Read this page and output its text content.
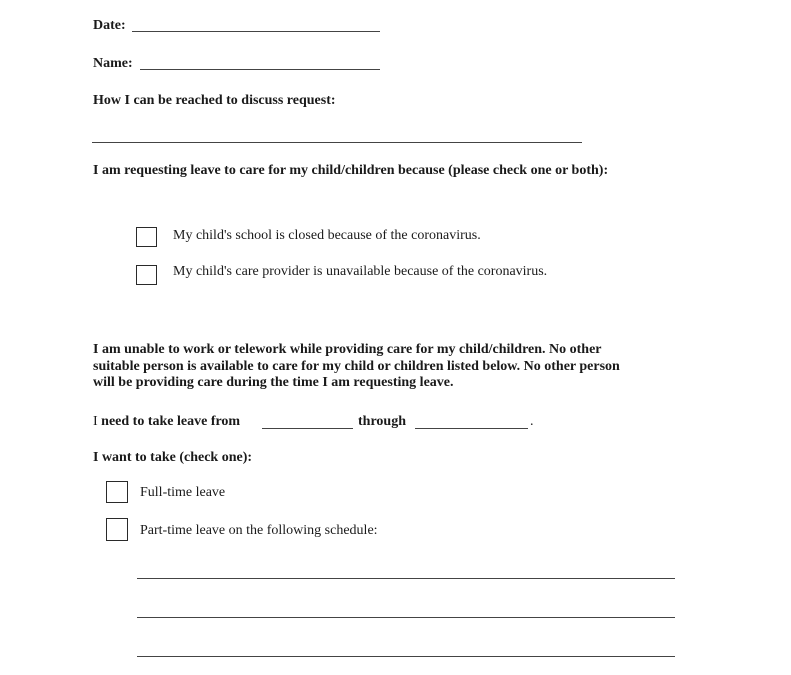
Date:
Name:
How I can be reached to discuss request:
I am requesting leave to care for my child/children because (please check one or both):
My child's school is closed because of the coronavirus.
My child's care provider is unavailable because of the coronavirus.
I am unable to work or telework while providing care for my child/children. No other
suitable person is available to care for my child or children listed below. No other person
will be providing care during the time I am requesting leave.
I need to take leave from	through	.
I want to take (check one):
Full-time leave
Part-time leave on the following schedule:
